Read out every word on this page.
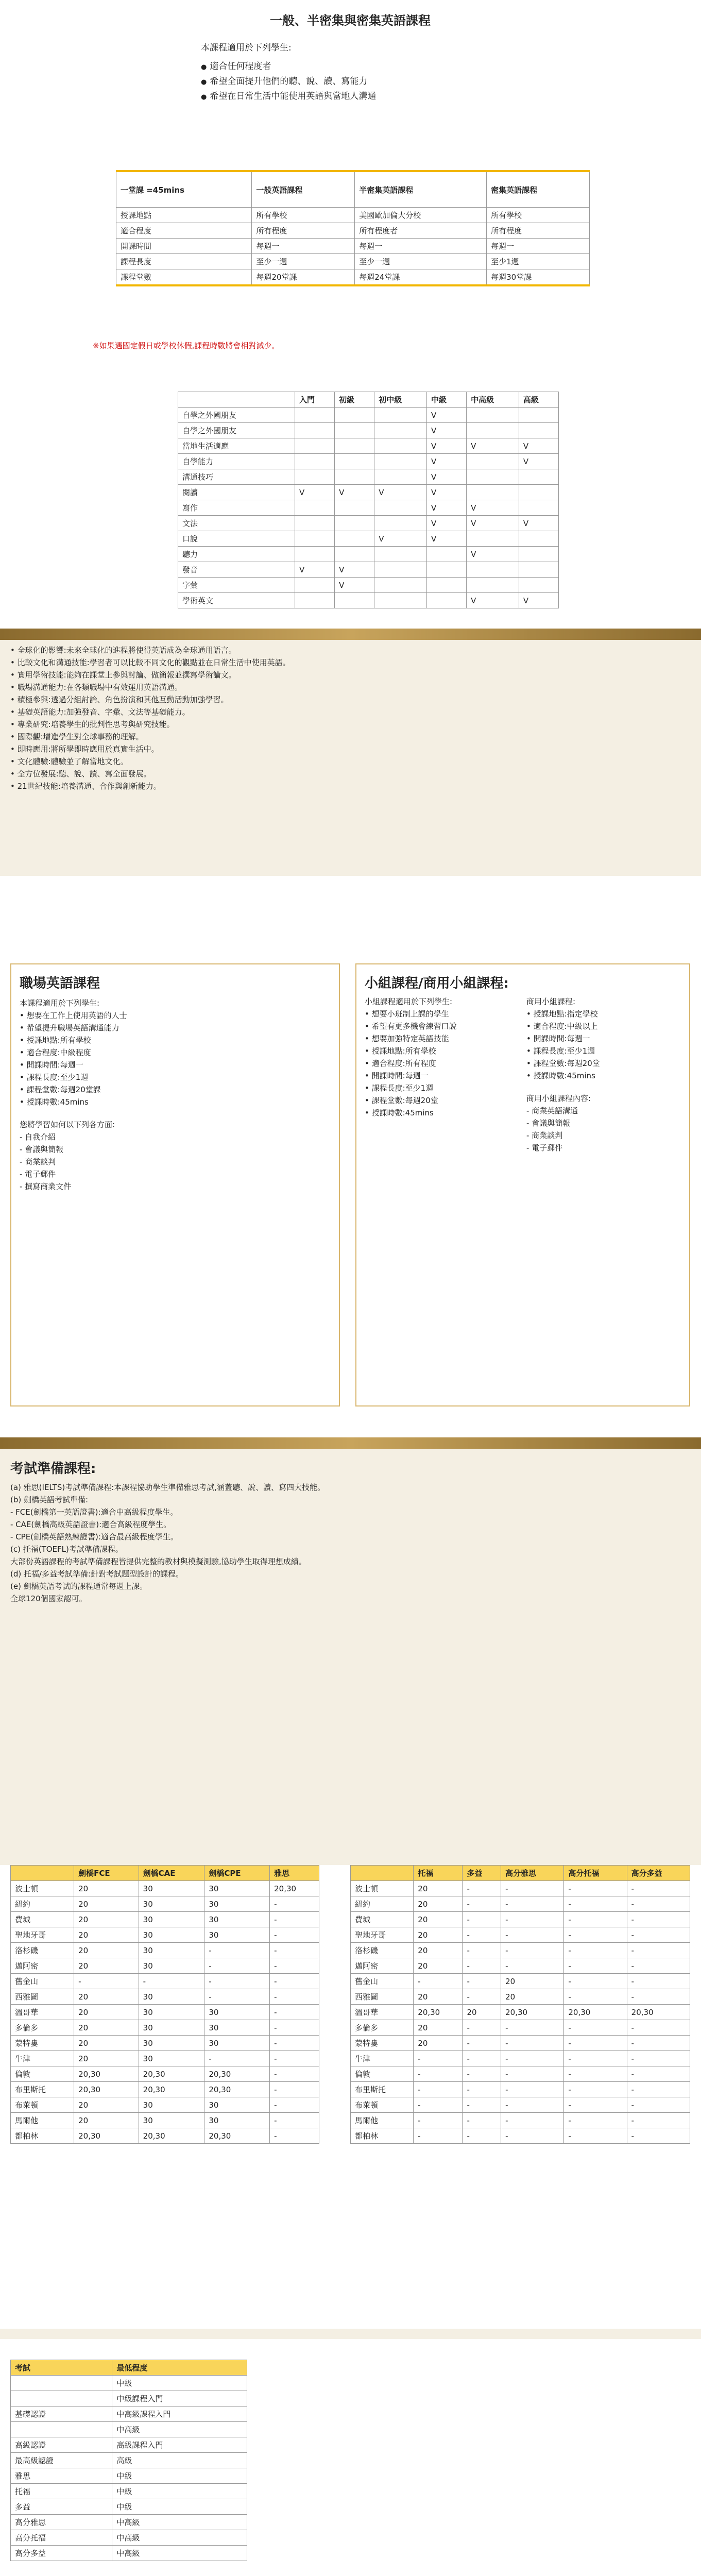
一般、半密集與密集英語課程
本課程適用於下列學生:
● 適合任何程度者
● 希望全面提升他們的聽、說、讀、寫能力
● 希望在日常生活中能使用英語與當地人溝通
一堂課 =45mins	一般英語課程	半密集英語課程	密集英語課程
授課地點	所有學校	美國歐加倫大分校	所有學校
適合程度	所有程度	所有程度者	所有程度
開課時間	每週一	每週一	每週一
課程長度	至少一週	至少一週	至少1週
課程堂數	每週20堂課	每週24堂課	每週30堂課
※如果遇國定假日或學校休假,課程時數將會相對減少。
	入門	初級	初中級	中級	中高級	高級
自學之外國朋友				V		
自學之外國朋友				V		
當地生活適應				V	V	V
自學能力				V		V
溝通技巧				V		
閱讀	V	V	V	V		
寫作				V	V	
文法				V	V	V
口說			V	V		
聽力					V	
發音	V	V				
字彙		V				
學術英文					V	V
• 全球化的影響:未來全球化的進程將使得英語成為全球通用語言。
• 比較文化和溝通技能:學習者可以比較不同文化的觀點並在日常生活中使用英語。
• 實用學術技能:能夠在課堂上參與討論、做簡報並撰寫學術論文。
• 職場溝通能力:在各類職場中有效運用英語溝通。
• 積極參與:透過分組討論、角色扮演和其他互動活動加強學習。
• 基礎英語能力:加強發音、字彙、文法等基礎能力。
• 專業研究:培養學生的批判性思考與研究技能。
• 國際觀:增進學生對全球事務的理解。
• 即時應用:將所學即時應用於真實生活中。
• 文化體驗:體驗並了解當地文化。
• 全方位發展:聽、說、讀、寫全面發展。
• 21世紀技能:培養溝通、合作與創新能力。
職場英語課程
本課程適用於下列學生:
• 想要在工作上使用英語的人士
• 希望提升職場英語溝通能力
• 授課地點:所有學校
• 適合程度:中級程度
• 開課時間:每週一
• 課程長度:至少1週
• 課程堂數:每週20堂課
• 授課時數:45mins
您將學習如何以下列各方面:
- 自我介紹
- 會議與簡報
- 商業談判
- 電子郵件
- 撰寫商業文件
小組課程/商用小組課程:
小組課程適用於下列學生:
• 想要小班制上課的學生
• 希望有更多機會練習口說
• 想要加強特定英語技能
• 授課地點:所有學校
• 適合程度:所有程度
• 開課時間:每週一
• 課程長度:至少1週
• 課程堂數:每週20堂
• 授課時數:45mins
商用小組課程:
• 授課地點:指定學校
• 適合程度:中級以上
• 開課時間:每週一
• 課程長度:至少1週
• 課程堂數:每週20堂
• 授課時數:45mins
商用小組課程內容:
- 商業英語溝通
- 會議與簡報
- 商業談判
- 電子郵件
考試準備課程:
(a) 雅思(IELTS)考試準備課程:本課程協助學生準備雅思考試,涵蓋聽、說、讀、寫四大技能。
(b) 劍橋英語考試準備:
- FCE(劍橋第一英語證書):適合中高級程度學生。
- CAE(劍橋高級英語證書):適合高級程度學生。
- CPE(劍橋英語熟練證書):適合最高級程度學生。
(c) 托福(TOEFL)考試準備課程。
大部份英語課程的考試準備課程皆提供完整的教材與模擬測驗,協助學生取得理想成績。
(d) 托福/多益考試準備:針對考試題型設計的課程。
(e) 劍橋英語考試的課程通常每週上課。
全球120個國家認可。
	劍橋FCE	劍橋CAE	劍橋CPE	雅思
波士頓	20	30	30	20,30
紐約	20	30	30	-
費城	20	30	30	-
聖地牙哥	20	30	30	-
洛杉磯	20	30	-	-
邁阿密	20	30	-	-
舊金山	-	-	-	-
西雅圖	20	30	-	-
溫哥華	20	30	30	-
多倫多	20	30	30	-
蒙特婁	20	30	30	-
牛津	20	30	-	-
倫敦	20,30	20,30	20,30	-
布里斯托	20,30	20,30	20,30	-
布萊頓	20	30	30	-
馬爾他	20	30	30	-
都柏林	20,30	20,30	20,30	-
	托福	多益	高分雅思	高分托福	高分多益
波士頓	20	-	-	-	-
紐約	20	-	-	-	-
費城	20	-	-	-	-
聖地牙哥	20	-	-	-	-
洛杉磯	20	-	-	-	-
邁阿密	20	-	-	-	-
舊金山	-	-	20	-	-
西雅圖	20	-	20	-	-
溫哥華	20,30	20	20,30	20,30	20,30
多倫多	20	-	-	-	-
蒙特婁	20	-	-	-	-
牛津	-	-	-	-	-
倫敦	-	-	-	-	-
布里斯托	-	-	-	-	-
布萊頓	-	-	-	-	-
馬爾他	-	-	-	-	-
都柏林	-	-	-	-	-
考試	最低程度
	中級
	中級課程入門
基礎認證	中高級課程入門
	中高級
高級認證	高級課程入門
最高級認證	高級
雅思	中級
托福	中級
多益	中級
高分雅思	中高級
高分托福	中高級
高分多益	中高級
